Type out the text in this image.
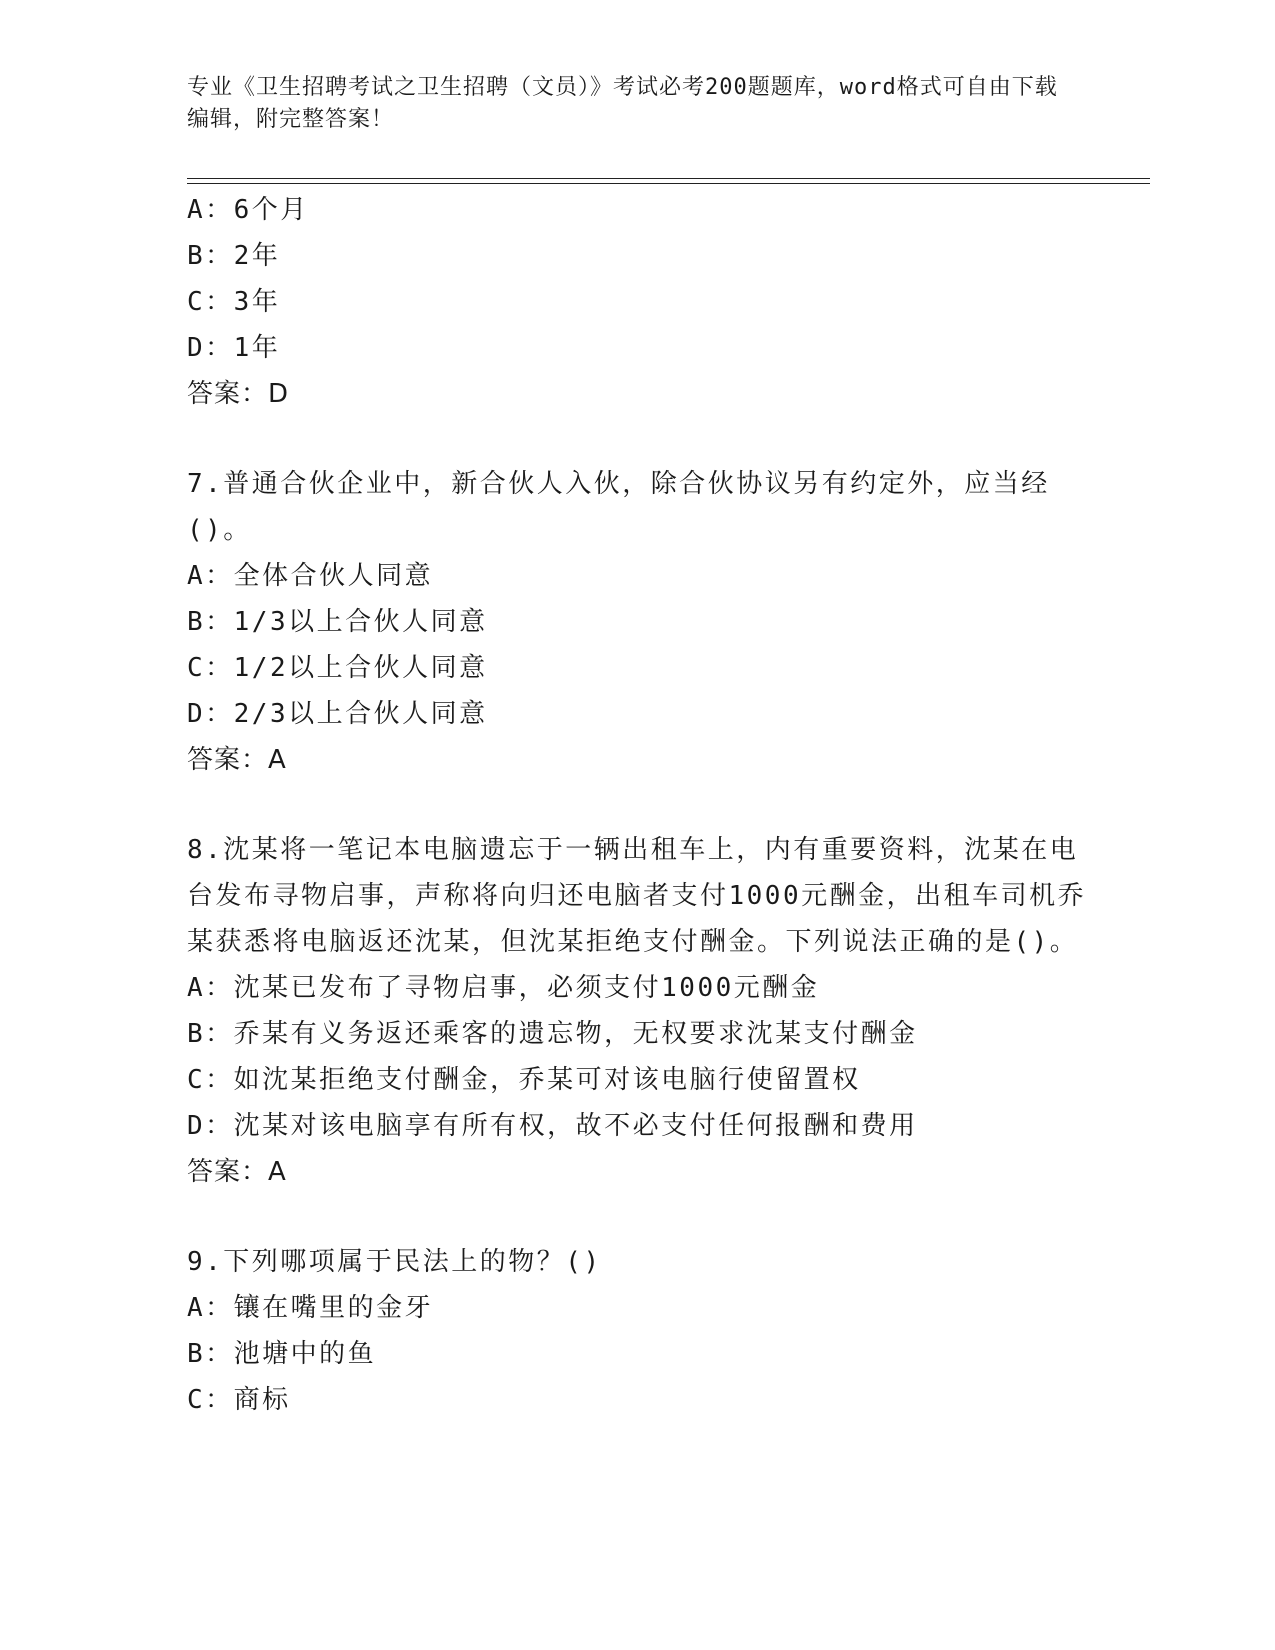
专业《卫生招聘考试之卫生招聘（文员）》考试必考200题题库，word格式可自由下载编辑，附完整答案！
A：6个月
B：2年
C：3年
D：1年
答案：D
7.普通合伙企业中，新合伙人入伙，除合伙协议另有约定外，应当经()。
A：全体合伙人同意
B：1/3以上合伙人同意
C：1/2以上合伙人同意
D：2/3以上合伙人同意
答案：A
8.沈某将一笔记本电脑遗忘于一辆出租车上，内有重要资料，沈某在电台发布寻物启事，声称将向归还电脑者支付1000元酬金，出租车司机乔某获悉将电脑返还沈某，但沈某拒绝支付酬金。下列说法正确的是()。
A：沈某已发布了寻物启事，必须支付1000元酬金
B：乔某有义务返还乘客的遗忘物，无权要求沈某支付酬金
C：如沈某拒绝支付酬金，乔某可对该电脑行使留置权
D：沈某对该电脑享有所有权，故不必支付任何报酬和费用
答案：A
9.下列哪项属于民法上的物？()
A：镶在嘴里的金牙
B：池塘中的鱼
C：商标
